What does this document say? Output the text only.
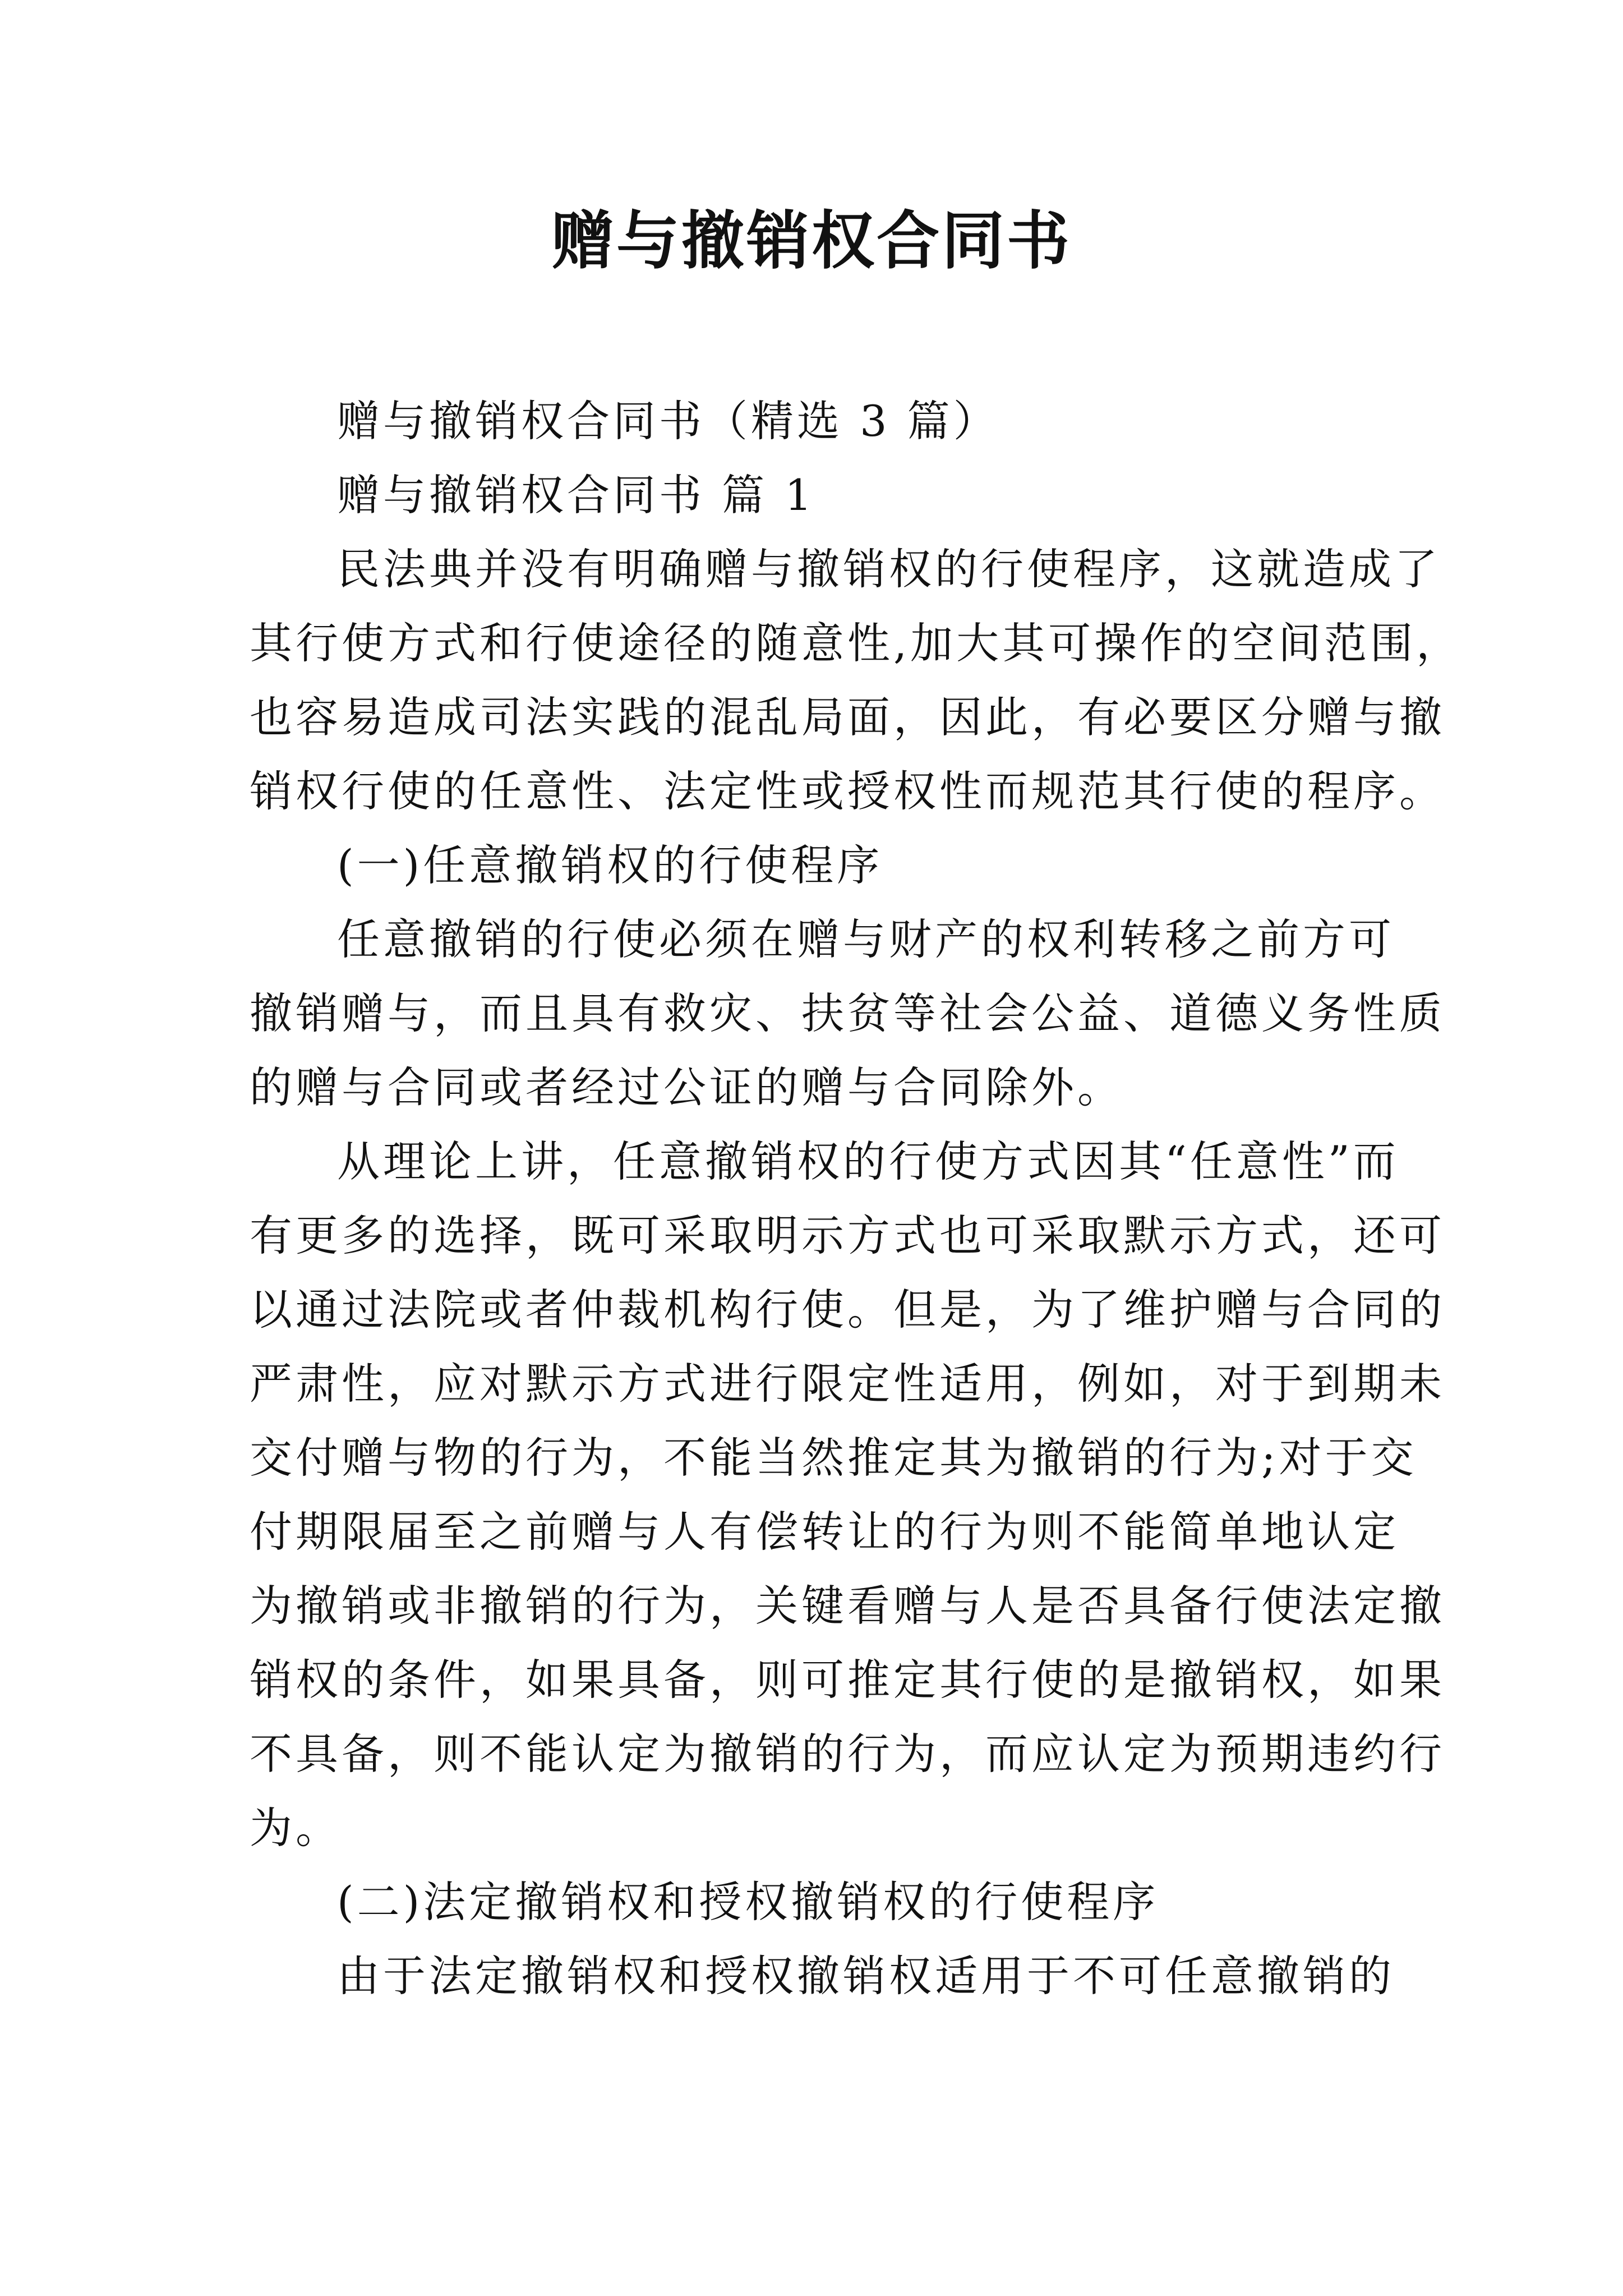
赠与撤销权合同书

赠与撤销权合同书（精选 3 篇）

赠与撤销权合同书 篇 1

民法典并没有明确赠与撤销权的行使程序，这就造成了

其行使方式和行使途径的随意性,加大其可操作的空间范围，

也容易造成司法实践的混乱局面，因此，有必要区分赠与撤

销权行使的任意性、法定性或授权性而规范其行使的程序。

(一)任意撤销权的行使程序

任意撤销的行使必须在赠与财产的权利转移之前方可

撤销赠与，而且具有救灾、扶贫等社会公益、道德义务性质

的赠与合同或者经过公证的赠与合同除外。

从理论上讲，任意撤销权的行使方式因其“任意性”而

有更多的选择，既可采取明示方式也可采取默示方式，还可

以通过法院或者仲裁机构行使。但是，为了维护赠与合同的

严肃性，应对默示方式进行限定性适用，例如，对于到期未

交付赠与物的行为，不能当然推定其为撤销的行为;对于交

付期限届至之前赠与人有偿转让的行为则不能简单地认定

为撤销或非撤销的行为，关键看赠与人是否具备行使法定撤

销权的条件，如果具备，则可推定其行使的是撤销权，如果

不具备，则不能认定为撤销的行为，而应认定为预期违约行

为。

(二)法定撤销权和授权撤销权的行使程序

由于法定撤销权和授权撤销权适用于不可任意撤销的
